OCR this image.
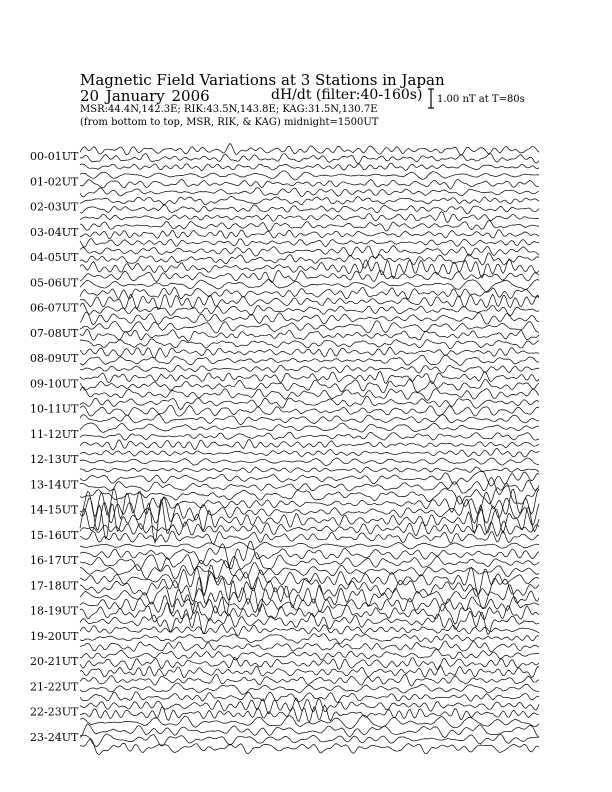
Magnetic Field Variations at 3 Stations in Japan
20 January 2006	dH/dt (filter:40-160s)
MSR:44.4N,142.3E; RIK:43.5N,143.8E; KAG:31.5N,130.7E
(from bottom to top, MSR, RIK, & KAG) midnight=1500UT
1.00 nT at T=80s
00-01UT
01-02UT
02-03UT
03-04UT
04-05UT
05-06UT
06-07UT
07-08UT
08-09UT
09-10UT
10-11UT
11-12UT
12-13UT
13-14UT
14-15UT
15-16UT
16-17UT
17-18UT
18-19UT
19-20UT
20-21UT
21-22UT
22-23UT
23-24UT
